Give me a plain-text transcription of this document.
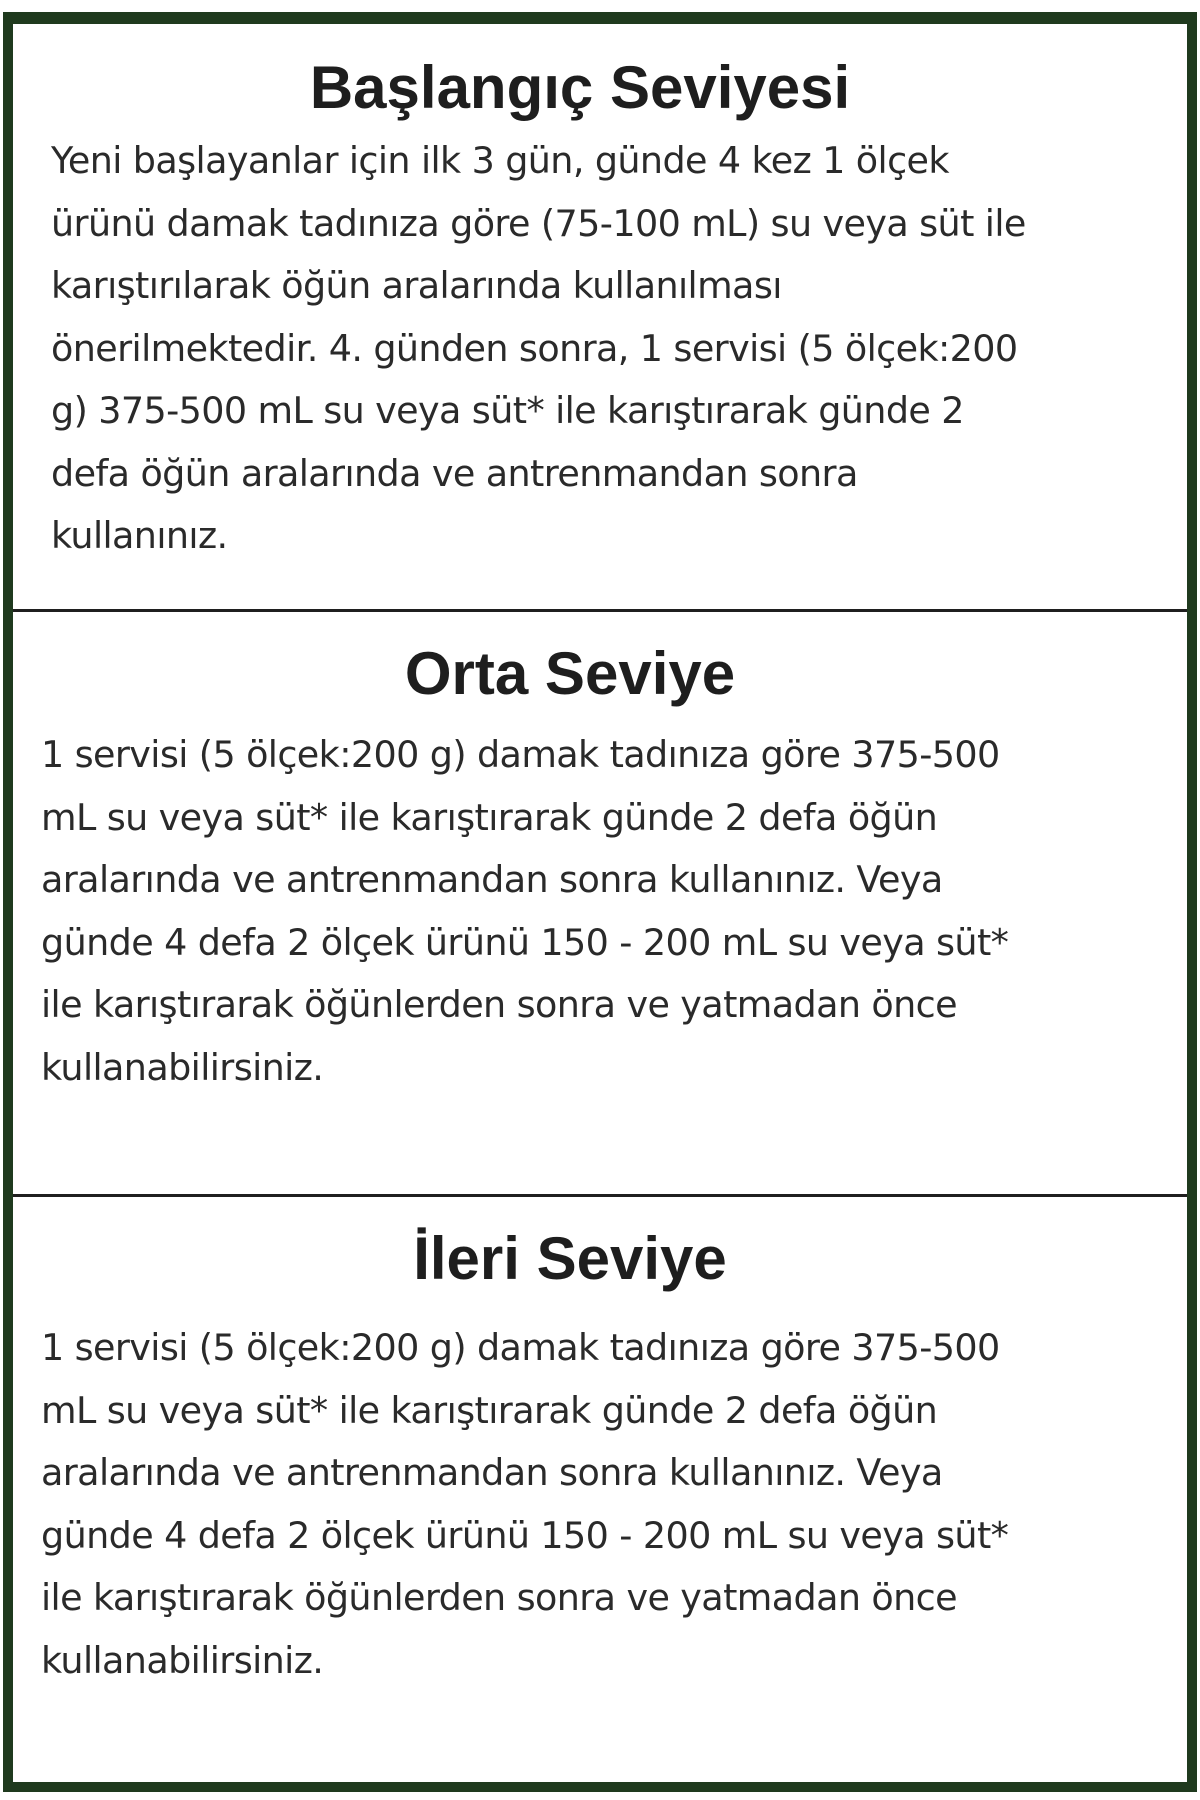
Başlangıç Seviyesi

Yeni başlayanlar için ilk 3 gün, günde 4 kez 1 ölçek
ürünü damak tadınıza göre (75-100 mL) su veya süt ile
karıştırılarak öğün aralarında kullanılması
önerilmektedir. 4. günden sonra, 1 servisi (5 ölçek:200
g) 375-500 mL su veya süt* ile karıştırarak günde 2
defa öğün aralarında ve antrenmandan sonra
kullanınız.

Orta Seviye

1 servisi (5 ölçek:200 g) damak tadınıza göre 375-500
mL su veya süt* ile karıştırarak günde 2 defa öğün
aralarında ve antrenmandan sonra kullanınız. Veya
günde 4 defa 2 ölçek ürünü 150 - 200 mL su veya süt*
ile karıştırarak öğünlerden sonra ve yatmadan önce
kullanabilirsiniz.

İleri Seviye

1 servisi (5 ölçek:200 g) damak tadınıza göre 375-500
mL su veya süt* ile karıştırarak günde 2 defa öğün
aralarında ve antrenmandan sonra kullanınız. Veya
günde 4 defa 2 ölçek ürünü 150 - 200 mL su veya süt*
ile karıştırarak öğünlerden sonra ve yatmadan önce
kullanabilirsiniz.
